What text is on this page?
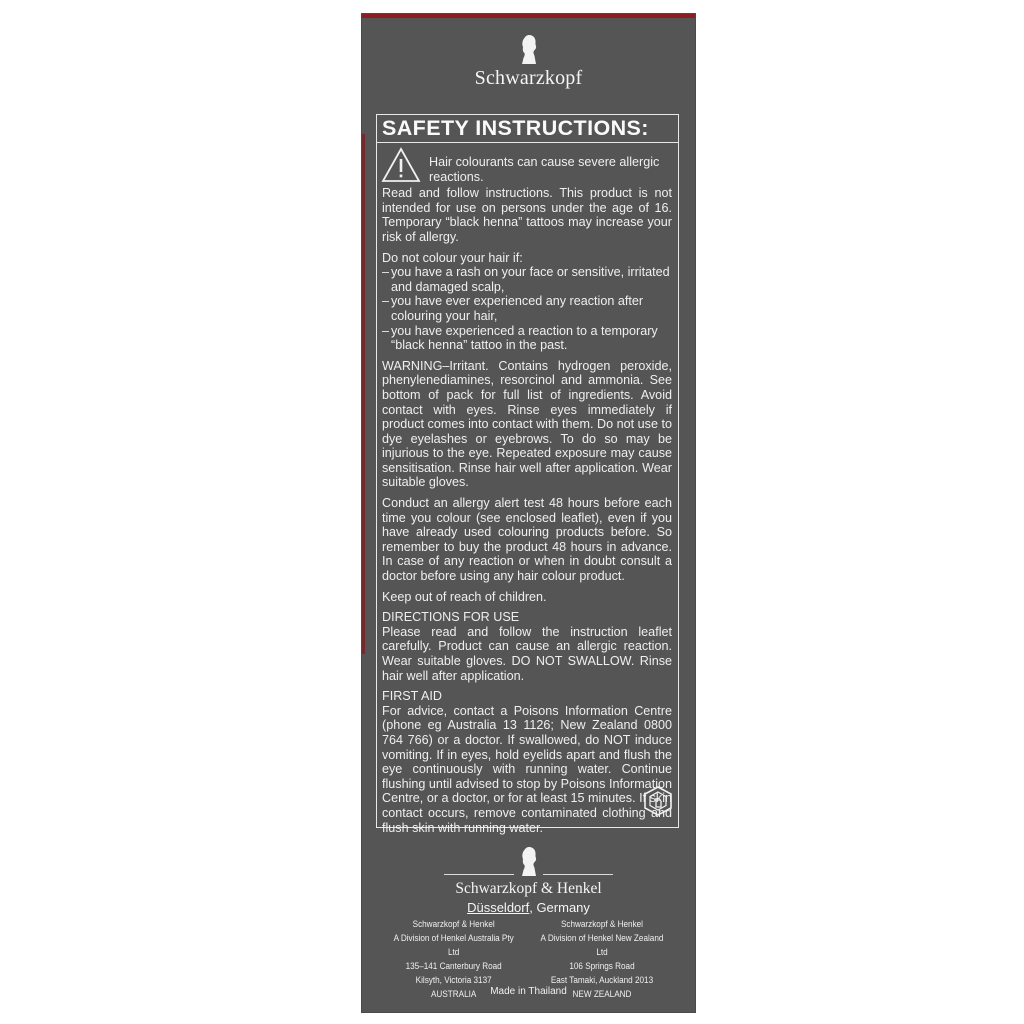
Schwarzkopf
SAFETY INSTRUCTIONS:
Hair colourants can cause severe allergic reactions.

Read and follow instructions. This product is not intended for use on persons under the age of 16. Temporary “black henna” tattoos may increase your risk of allergy.

Do not colour your hair if:

– you have a rash on your face or sensitive, irritated and damaged scalp,
– you have ever experienced any reaction after colouring your hair,
– you have experienced a reaction to a temporary “black henna” tattoo in the past.

WARNING–Irritant. Contains hydrogen peroxide, phenylenediamines, resorcinol and ammonia. See bottom of pack for full list of ingredients. Avoid contact with eyes. Rinse eyes immediately if product comes into contact with them. Do not use to dye eyelashes or eyebrows. To do so may be injurious to the eye. Repeated exposure may cause sensitisation. Rinse hair well after application. Wear suitable gloves.

Conduct an allergy alert test 48 hours before each time you colour (see enclosed leaflet), even if you have already used colouring products before. So remember to buy the product 48 hours in advance. In case of any reaction or when in doubt consult a doctor before using any hair colour product.

Keep out of reach of children.

DIRECTIONS FOR USE

Please read and follow the instruction leaflet carefully. Product can cause an allergic reaction. Wear suitable gloves. DO NOT SWALLOW. Rinse hair well after application.

FIRST AID

For advice, contact a Poisons Information Centre (phone eg Australia 13 1126; New Zealand 0800 764 766) or a doctor. If swallowed, do NOT induce vomiting. If in eyes, hold eyelids apart and flush the eye continuously with running water. Continue flushing until advised to stop by Poisons Information Centre, or a doctor, or for at least 15 minutes. If skin contact occurs, remove contaminated clothing and flush skin with running water.

Schwarzkopf & Henkel
Düsseldorf, Germany
Schwarzkopf & Henkel
A Division of Henkel Australia Pty Ltd
135–141 Canterbury Road
Kilsyth, Victoria 3137
AUSTRALIA
Schwarzkopf & Henkel
A Division of Henkel New Zealand Ltd
106 Springs Road
East Tamaki, Auckland 2013
NEW ZEALAND
Made in Thailand
